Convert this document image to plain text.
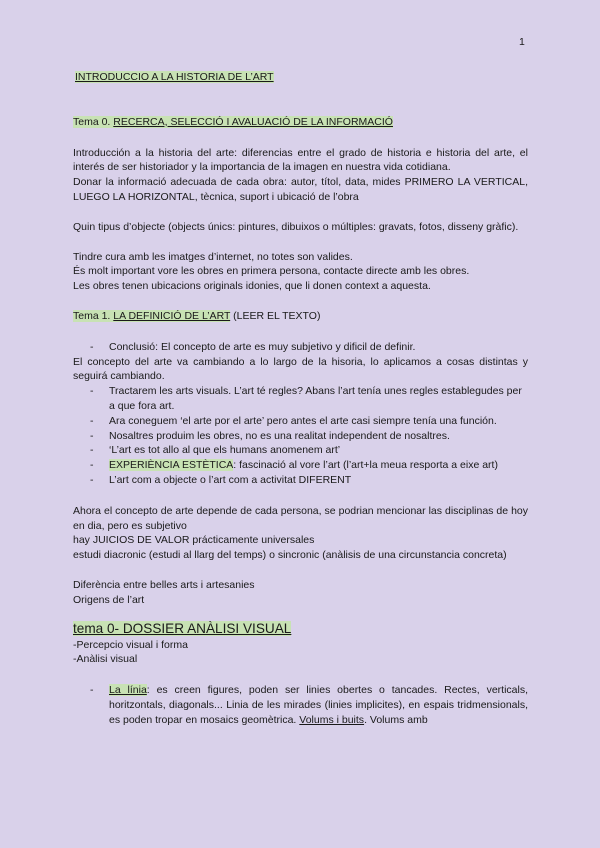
1

INTRODUCCIO A LA HISTORIA DE L’ART

Tema 0. RECERCA, SELECCIÓ I AVALUACIÓ DE LA INFORMACIÓ

Introducción a la historia del arte: diferencias entre el grado de historia e historia del arte, el interés de ser historiador y la importancia de la imagen en nuestra vida cotidiana.

Donar la informació adecuada de cada obra: autor, títol, data, mides PRIMERO LA VERTICAL, LUEGO LA HORIZONTAL, tècnica, suport i ubicació de l’obra

Quin tipus d’objecte (objects únics: pintures, dibuixos o múltiples: gravats, fotos, disseny gràfic).

Tindre cura amb les imatges d’internet, no totes son valides.

És molt important vore les obres en primera persona, contacte directe amb les obres.

Les obres tenen ubicacions originals idonies, que li donen context a aquesta.

Tema 1. LA DEFINICIÓ DE L’ART (LEER EL TEXTO)

- Conclusió: El concepto de arte es muy subjetivo y dificil de definir.

El concepto del arte va cambiando a lo largo de la hisoria, lo aplicamos a cosas distintas y seguirá cambiando.

- Tractarem les arts visuals. L’art té regles? Abans l’art tenía unes regles establegudes per a que fora art.
- Ara coneguem ‘el arte por el arte’ pero antes el arte casi siempre tenía una función.
- Nosaltres produim les obres, no es una realitat independent de nosaltres.
- ‘L’art es tot allo al que els humans anomenem art’
- EXPERIÈNCIA ESTÈTICA: fascinació al vore l’art (l’art+la meua resporta a eixe art)
- L’art com a objecte o l’art com a activitat DIFERENT

Ahora el concepto de arte depende de cada persona, se podrian mencionar las disciplinas de hoy en dia, pero es subjetivo

hay JUICIOS DE VALOR prácticamente universales

estudi diacronic (estudi al llarg del temps) o sincronic (anàlisis de una circunstancia concreta)

Diferència entre belles arts i artesanies

Origens de l’art

tema 0- DOSSIER ANÀLISI VISUAL

-Percepcio visual i forma

-Anàlisi visual

- La línia: es creen figures, poden ser linies obertes o tancades. Rectes, verticals, horitzontals, diagonals... Linia de les mirades (linies implicites), en espais tridmensionals, es poden tropar en mosaics geomètrica. Volums i buits. Volums amb
